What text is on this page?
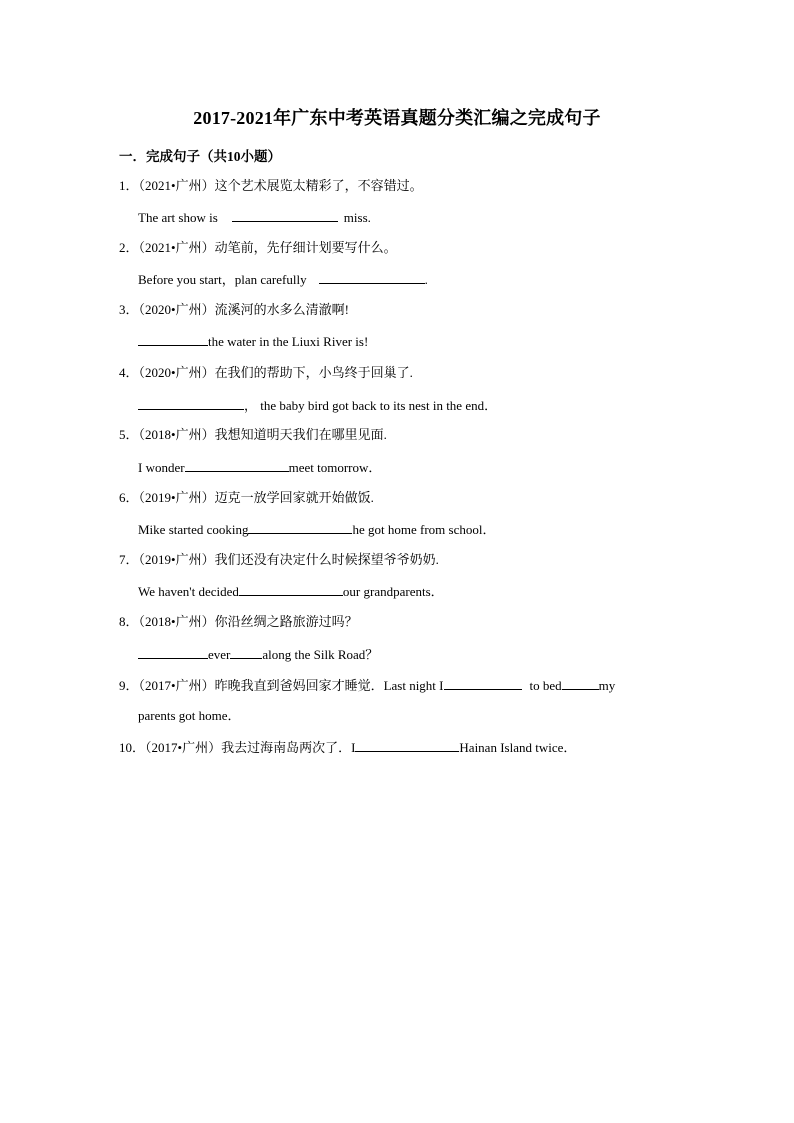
2017-2021年广东中考英语真题分类汇编之完成句子
一．完成句子（共10小题）
1．（2021•广州）这个艺术展览太精彩了，不容错过。
The art show is	miss.
2．（2021•广州）动笔前，先仔细计划要写什么。
Before you start，plan carefully	.
3．（2020•广州）流溪河的水多么清澈啊!
the water in the Liuxi River is!
4．（2020•广州）在我们的帮助下，小鸟终于回巢了.
， the baby bird got back to its nest in the end．
5．（2018•广州）我想知道明天我们在哪里见面.
I wonder	meet tomorrow．
6．（2019•广州）迈克一放学回家就开始做饭.
Mike started cooking	he got home from school．
7．（2019•广州）我们还没有决定什么时候探望爷爷奶奶.
We haven't decided	our grandparents．
8．（2018•广州）你沿丝绸之路旅游过吗？
ever along the Silk Road？
9．（2017•广州）昨晚我直到爸妈回家才睡觉．Last night I	to bed	my
parents got home．
10．（2017•广州）我去过海南岛两次了．I	Hainan Island twice．
